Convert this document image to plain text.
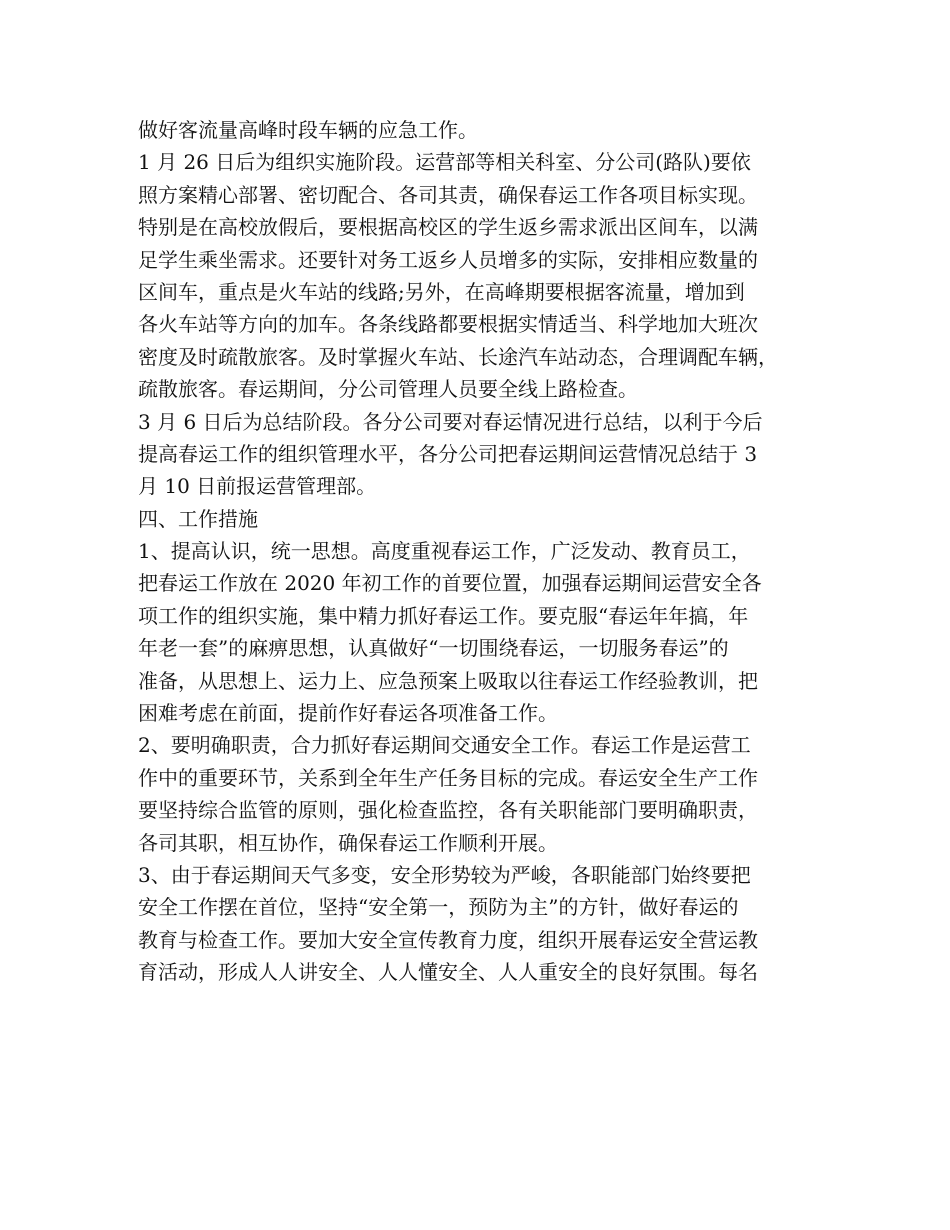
做好客流量高峰时段车辆的应急工作。
1 月 26 日后为组织实施阶段。运营部等相关科室、分公司(路队)要依
照方案精心部署、密切配合、各司其责，确保春运工作各项目标实现。
特别是在高校放假后，要根据高校区的学生返乡需求派出区间车，以满
足学生乘坐需求。还要针对务工返乡人员增多的实际，安排相应数量的
区间车，重点是火车站的线路;另外，在高峰期要根据客流量，增加到
各火车站等方向的加车。各条线路都要根据实情适当、科学地加大班次
密度及时疏散旅客。及时掌握火车站、长途汽车站动态，合理调配车辆，
疏散旅客。春运期间，分公司管理人员要全线上路检查。
3 月 6 日后为总结阶段。各分公司要对春运情况进行总结，以利于今后
提高春运工作的组织管理水平，各分公司把春运期间运营情况总结于 3
月 10 日前报运营管理部。
四、工作措施
1、提高认识，统一思想。高度重视春运工作，广泛发动、教育员工，
把春运工作放在 2020 年初工作的首要位置，加强春运期间运营安全各
项工作的组织实施，集中精力抓好春运工作。要克服“春运年年搞，年
年老一套”的麻痹思想，认真做好“一切围绕春运，一切服务春运”的
准备，从思想上、运力上、应急预案上吸取以往春运工作经验教训，把
困难考虑在前面，提前作好春运各项准备工作。
2、要明确职责，合力抓好春运期间交通安全工作。春运工作是运营工
作中的重要环节，关系到全年生产任务目标的完成。春运安全生产工作
要坚持综合监管的原则，强化检查监控，各有关职能部门要明确职责，
各司其职，相互协作，确保春运工作顺利开展。
3、由于春运期间天气多变，安全形势较为严峻，各职能部门始终要把
安全工作摆在首位，坚持“安全第一，预防为主”的方针，做好春运的
教育与检查工作。要加大安全宣传教育力度，组织开展春运安全营运教
育活动，形成人人讲安全、人人懂安全、人人重安全的良好氛围。每名
